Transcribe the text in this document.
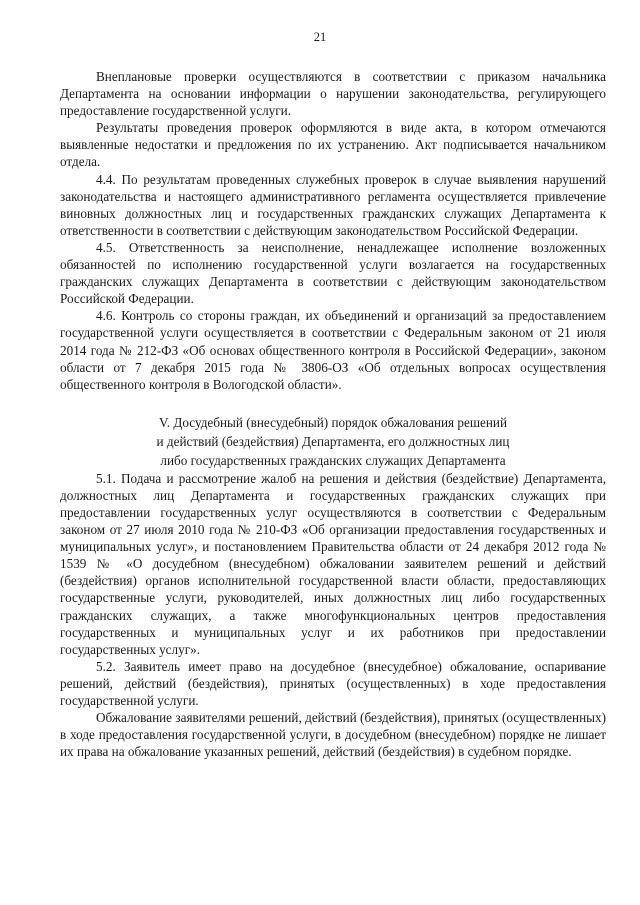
21

Внеплановые проверки осуществляются в соответствии с приказом начальника Департамента на основании информации о нарушении законодательства, регулирующего предоставление государственной услуги.

Результаты проведения проверок оформляются в виде акта, в котором отмечаются выявленные недостатки и предложения по их устранению. Акт подписывается начальником отдела.

4.4. По результатам проведенных служебных проверок в случае выявления нарушений законодательства и настоящего административного регламента осуществляется привлечение виновных должностных лиц и государственных гражданских служащих Департамента к ответственности в соответствии с действующим законодательством Российской Федерации.

4.5. Ответственность за неисполнение, ненадлежащее исполнение возложенных обязанностей по исполнению государственной услуги возлагается на государственных гражданских служащих Департамента в соответствии с действующим законодательством Российской Федерации.

4.6. Контроль со стороны граждан, их объединений и организаций за предоставлением государственной услуги осуществляется в соответствии с Федеральным законом от 21 июля 2014 года № 212-ФЗ «Об основах общественного контроля в Российской Федерации», законом области от 7 декабря 2015 года № 3806-ОЗ «Об отдельных вопросах осуществления общественного контроля в Вологодской области».

V. Досудебный (внесудебный) порядок обжалования решений
и действий (бездействия) Департамента, его должностных лиц
либо государственных гражданских служащих Департамента

5.1. Подача и рассмотрение жалоб на решения и действия (бездействие) Департамента, должностных лиц Департамента и государственных гражданских служащих при предоставлении государственных услуг осуществляются в соответствии с Федеральным законом от 27 июля 2010 года № 210-ФЗ «Об организации предоставления государственных и муниципальных услуг», и постановлением Правительства области от 24 декабря 2012 года № 1539 № «О досудебном (внесудебном) обжаловании заявителем решений и действий (бездействия) органов исполнительной государственной власти области, предоставляющих государственные услуги, руководителей, иных должностных лиц либо государственных гражданских служащих, а также многофункциональных центров предоставления государственных и муниципальных услуг и их работников при предоставлении государственных услуг».

5.2. Заявитель имеет право на досудебное (внесудебное) обжалование, оспаривание решений, действий (бездействия), принятых (осуществленных) в ходе предоставления государственной услуги.

Обжалование заявителями решений, действий (бездействия), принятых (осуществленных) в ходе предоставления государственной услуги, в досудебном (внесудебном) порядке не лишает их права на обжалование указанных решений, действий (бездействия) в судебном порядке.
